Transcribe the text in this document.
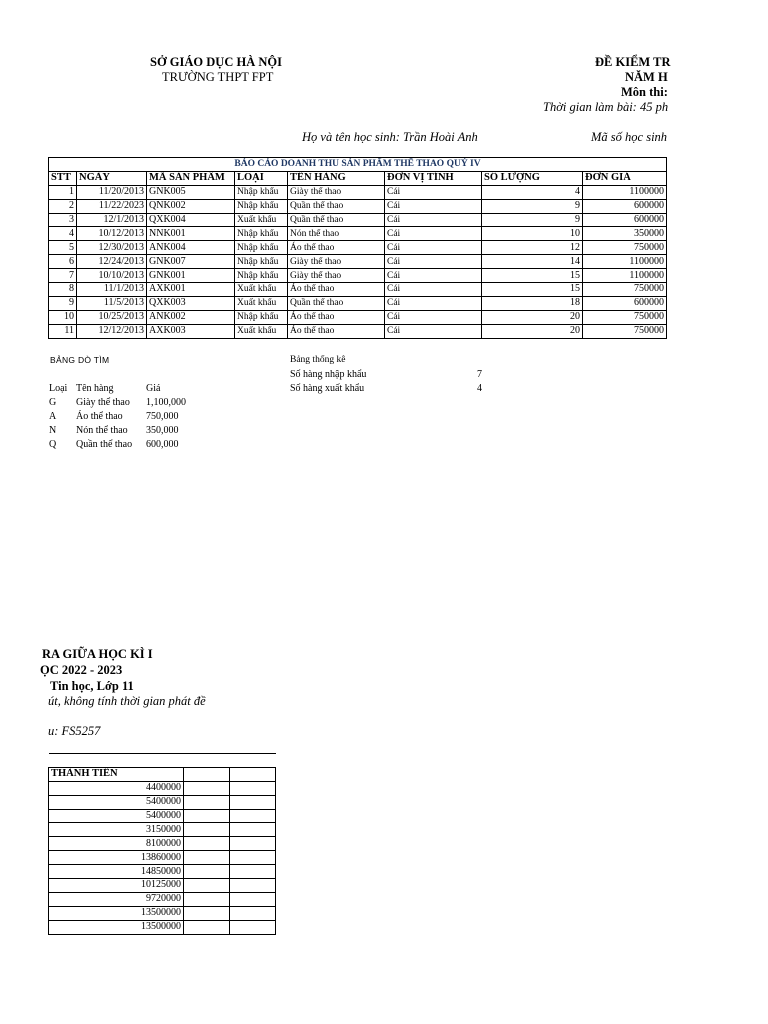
SỞ GIÁO DỤC HÀ NỘI
TRƯỜNG THPT FPT
ĐỀ KIỂM TR
NĂM H
Môn thi:
Thời gian làm bài: 45 ph
Họ và tên học sinh: Trần Hoài Anh	Mã số học sinh
BÁO CÁO DOANH THU SẢN PHẨM THỂ THAO QUÝ IV							
STT	NGÀY	MÃ SẢN PHẨM	LOẠI	TÊN HÀNG	ĐƠN VỊ TÍNH	SỐ LƯỢNG	ĐƠN GIÁ
1	11/20/2013	GNK005	Nhập khẩu	Giày thể thao	Cái	4	1100000
2	11/22/2023	QNK002	Nhập khẩu	Quần thể thao	Cái	9	600000
3	12/1/2013	QXK004	Xuất khẩu	Quần thể thao	Cái	9	600000
4	10/12/2013	NNK001	Nhập khẩu	Nón thể thao	Cái	10	350000
5	12/30/2013	ANK004	Nhập khẩu	Áo thể thao	Cái	12	750000
6	12/24/2013	GNK007	Nhập khẩu	Giày thể thao	Cái	14	1100000
7	10/10/2013	GNK001	Nhập khẩu	Giày thể thao	Cái	15	1100000
8	11/1/2013	AXK001	Xuất khẩu	Áo thể thao	Cái	15	750000
9	11/5/2013	QXK003	Xuất khẩu	Quần thể thao	Cái	18	600000
10	10/25/2013	ANK002	Nhập khẩu	Áo thể thao	Cái	20	750000
11	12/12/2013	AXK003	Xuất khẩu	Áo thể thao	Cái	20	750000
BẢNG DÒ TÌM
Loại Tên hàng	Giá
G Giày thể thao 1,100,000
A Áo thể thao 750,000
N Nón thể thao 350,000
Q Quần thể thao 600,000
Bảng thống kê
Số hàng nhập khẩu	7
Số hàng xuất khẩu	4
RA GIỮA HỌC KÌ I
ỌC 2022 - 2023
Tin học, Lớp 11
út, không tính thời gian phát đề
u: FS5257

THÀNH TIỀN		
4400000		
5400000		
5400000		
3150000		
8100000		
13860000		
14850000		
10125000		
9720000		
13500000		
13500000		
